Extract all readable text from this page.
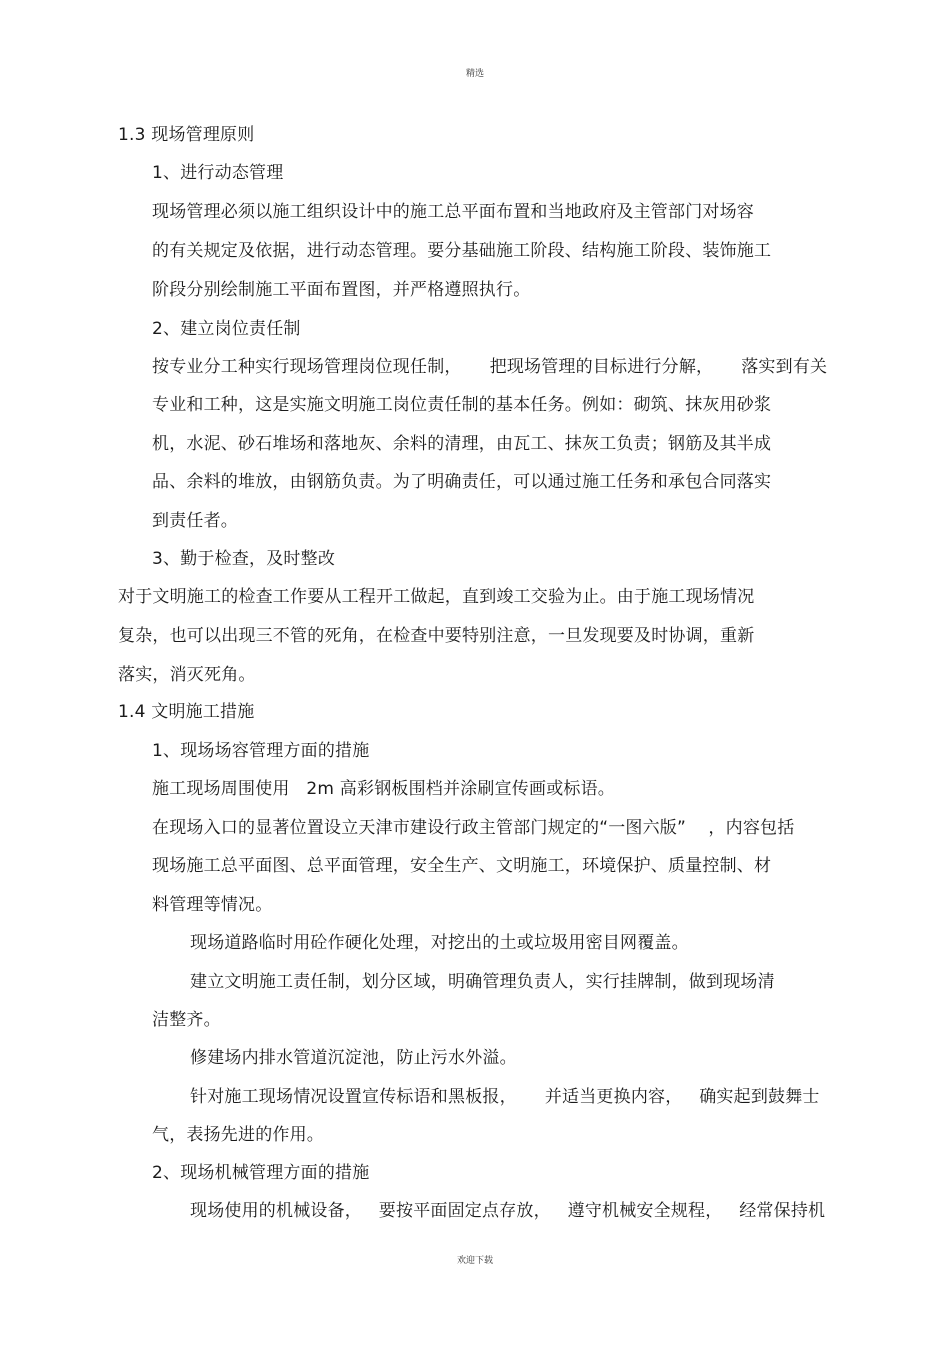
精选
1.3 现场管理原则
1、进行动态管理
现场管理必须以施工组织设计中的施工总平面布置和当地政府及主管部门对场容
的有关规定及依据，进行动态管理。要分基础施工阶段、结构施工阶段、装饰施工
阶段分别绘制施工平面布置图，并严格遵照执行。
2、建立岗位责任制
按专业分工种实行现场管理岗位现任制，     把现场管理的目标进行分解，     落实到有关
专业和工种，这是实施文明施工岗位责任制的基本任务。例如：砌筑、抹灰用砂浆
机，水泥、砂石堆场和落地灰、余料的清理，由瓦工、抹灰工负责；钢筋及其半成
品、余料的堆放，由钢筋负责。为了明确责任，可以通过施工任务和承包合同落实
到责任者。
3、勤于检查，及时整改
对于文明施工的检查工作要从工程开工做起，直到竣工交验为止。由于施工现场情况
复杂，也可以出现三不管的死角，在检查中要特别注意，一旦发现要及时协调，重新
落实，消灭死角。
1.4 文明施工措施
1、现场场容管理方面的措施
施工现场周围使用   2m 高彩钢板围档并涂刷宣传画或标语。
在现场入口的显著位置设立天津市建设行政主管部门规定的“一图六版”    ，内容包括
现场施工总平面图、总平面管理，安全生产、文明施工，环境保护、质量控制、材
料管理等情况。
现场道路临时用砼作硬化处理，对挖出的土或垃圾用密目网覆盖。
建立文明施工责任制，划分区域，明确管理负责人，实行挂牌制，做到现场清
洁整齐。
修建场内排水管道沉淀池，防止污水外溢。
针对施工现场情况设置宣传标语和黑板报，     并适当更换内容，   确实起到鼓舞士
气，表扬先进的作用。
2、现场机械管理方面的措施
现场使用的机械设备，   要按平面固定点存放，   遵守机械安全规程，   经常保持机
欢迎下载
